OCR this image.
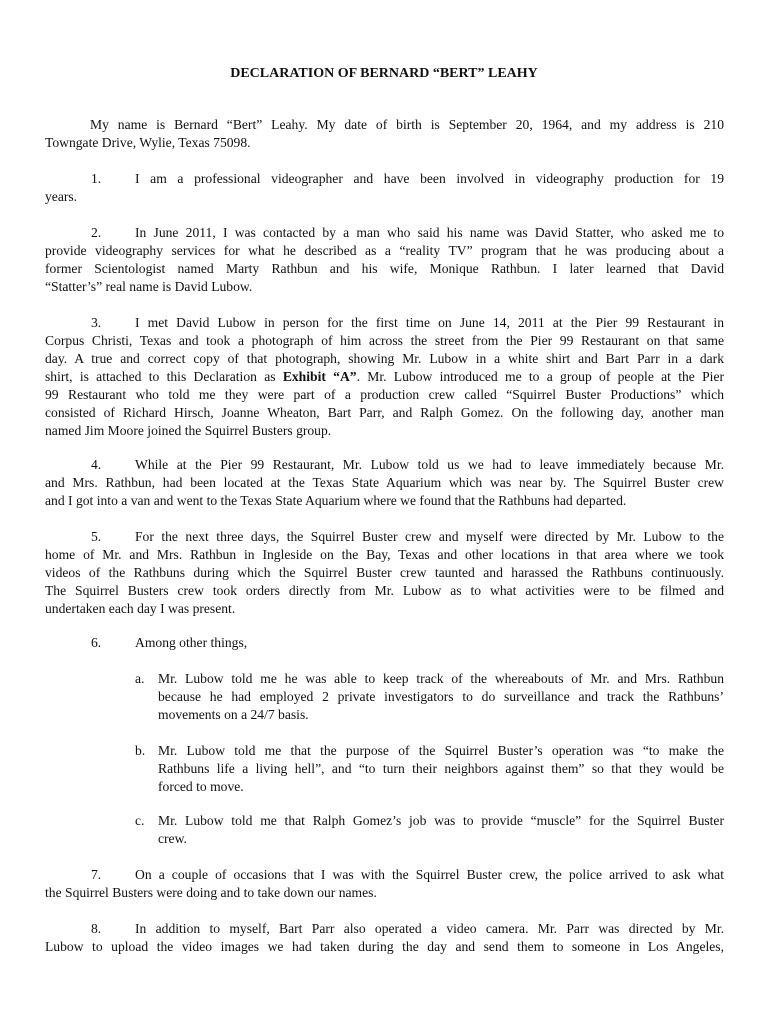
DECLARATION OF BERNARD “BERT” LEAHY
My name is Bernard “Bert” Leahy. My date of birth is September 20, 1964, and my address is 210
Towngate Drive, Wylie, Texas 75098.
1.	I am a professional videographer and have been involved in videography production for 19
years.
2.	In June 2011, I was contacted by a man who said his name was David Statter, who asked me to
provide videography services for what he described as a “reality TV” program that he was producing about a
former Scientologist named Marty Rathbun and his wife, Monique Rathbun. I later learned that David
“Statter’s” real name is David Lubow.
3.	I met David Lubow in person for the first time on June 14, 2011 at the Pier 99 Restaurant in
Corpus Christi, Texas and took a photograph of him across the street from the Pier 99 Restaurant on that same
day. A true and correct copy of that photograph, showing Mr. Lubow in a white shirt and Bart Parr in a dark
shirt, is attached to this Declaration as Exhibit “A”. Mr. Lubow introduced me to a group of people at the Pier
99 Restaurant who told me they were part of a production crew called “Squirrel Buster Productions” which
consisted of Richard Hirsch, Joanne Wheaton, Bart Parr, and Ralph Gomez. On the following day, another man
named Jim Moore joined the Squirrel Busters group.
4.	While at the Pier 99 Restaurant, Mr. Lubow told us we had to leave immediately because Mr.
and Mrs. Rathbun, had been located at the Texas State Aquarium which was near by. The Squirrel Buster crew
and I got into a van and went to the Texas State Aquarium where we found that the Rathbuns had departed.
5.	For the next three days, the Squirrel Buster crew and myself were directed by Mr. Lubow to the
home of Mr. and Mrs. Rathbun in Ingleside on the Bay, Texas and other locations in that area where we took
videos of the Rathbuns during which the Squirrel Buster crew taunted and harassed the Rathbuns continuously.
The Squirrel Busters crew took orders directly from Mr. Lubow as to what activities were to be filmed and
undertaken each day I was present.
6. Among other things,
a. Mr. Lubow told me he was able to keep track of the whereabouts of Mr. and Mrs. Rathbun
because he had employed 2 private investigators to do surveillance and track the Rathbuns’
movements on a 24/7 basis.
b. Mr. Lubow told me that the purpose of the Squirrel Buster’s operation was “to make the
Rathbuns life a living hell”, and “to turn their neighbors against them” so that they would be
forced to move.
c. Mr. Lubow told me that Ralph Gomez’s job was to provide “muscle” for the Squirrel Buster
crew.
7.	On a couple of occasions that I was with the Squirrel Buster crew, the police arrived to ask what
the Squirrel Busters were doing and to take down our names.
8.	In addition to myself, Bart Parr also operated a video camera. Mr. Parr was directed by Mr.
Lubow to upload the video images we had taken during the day and send them to someone in Los Angeles,
